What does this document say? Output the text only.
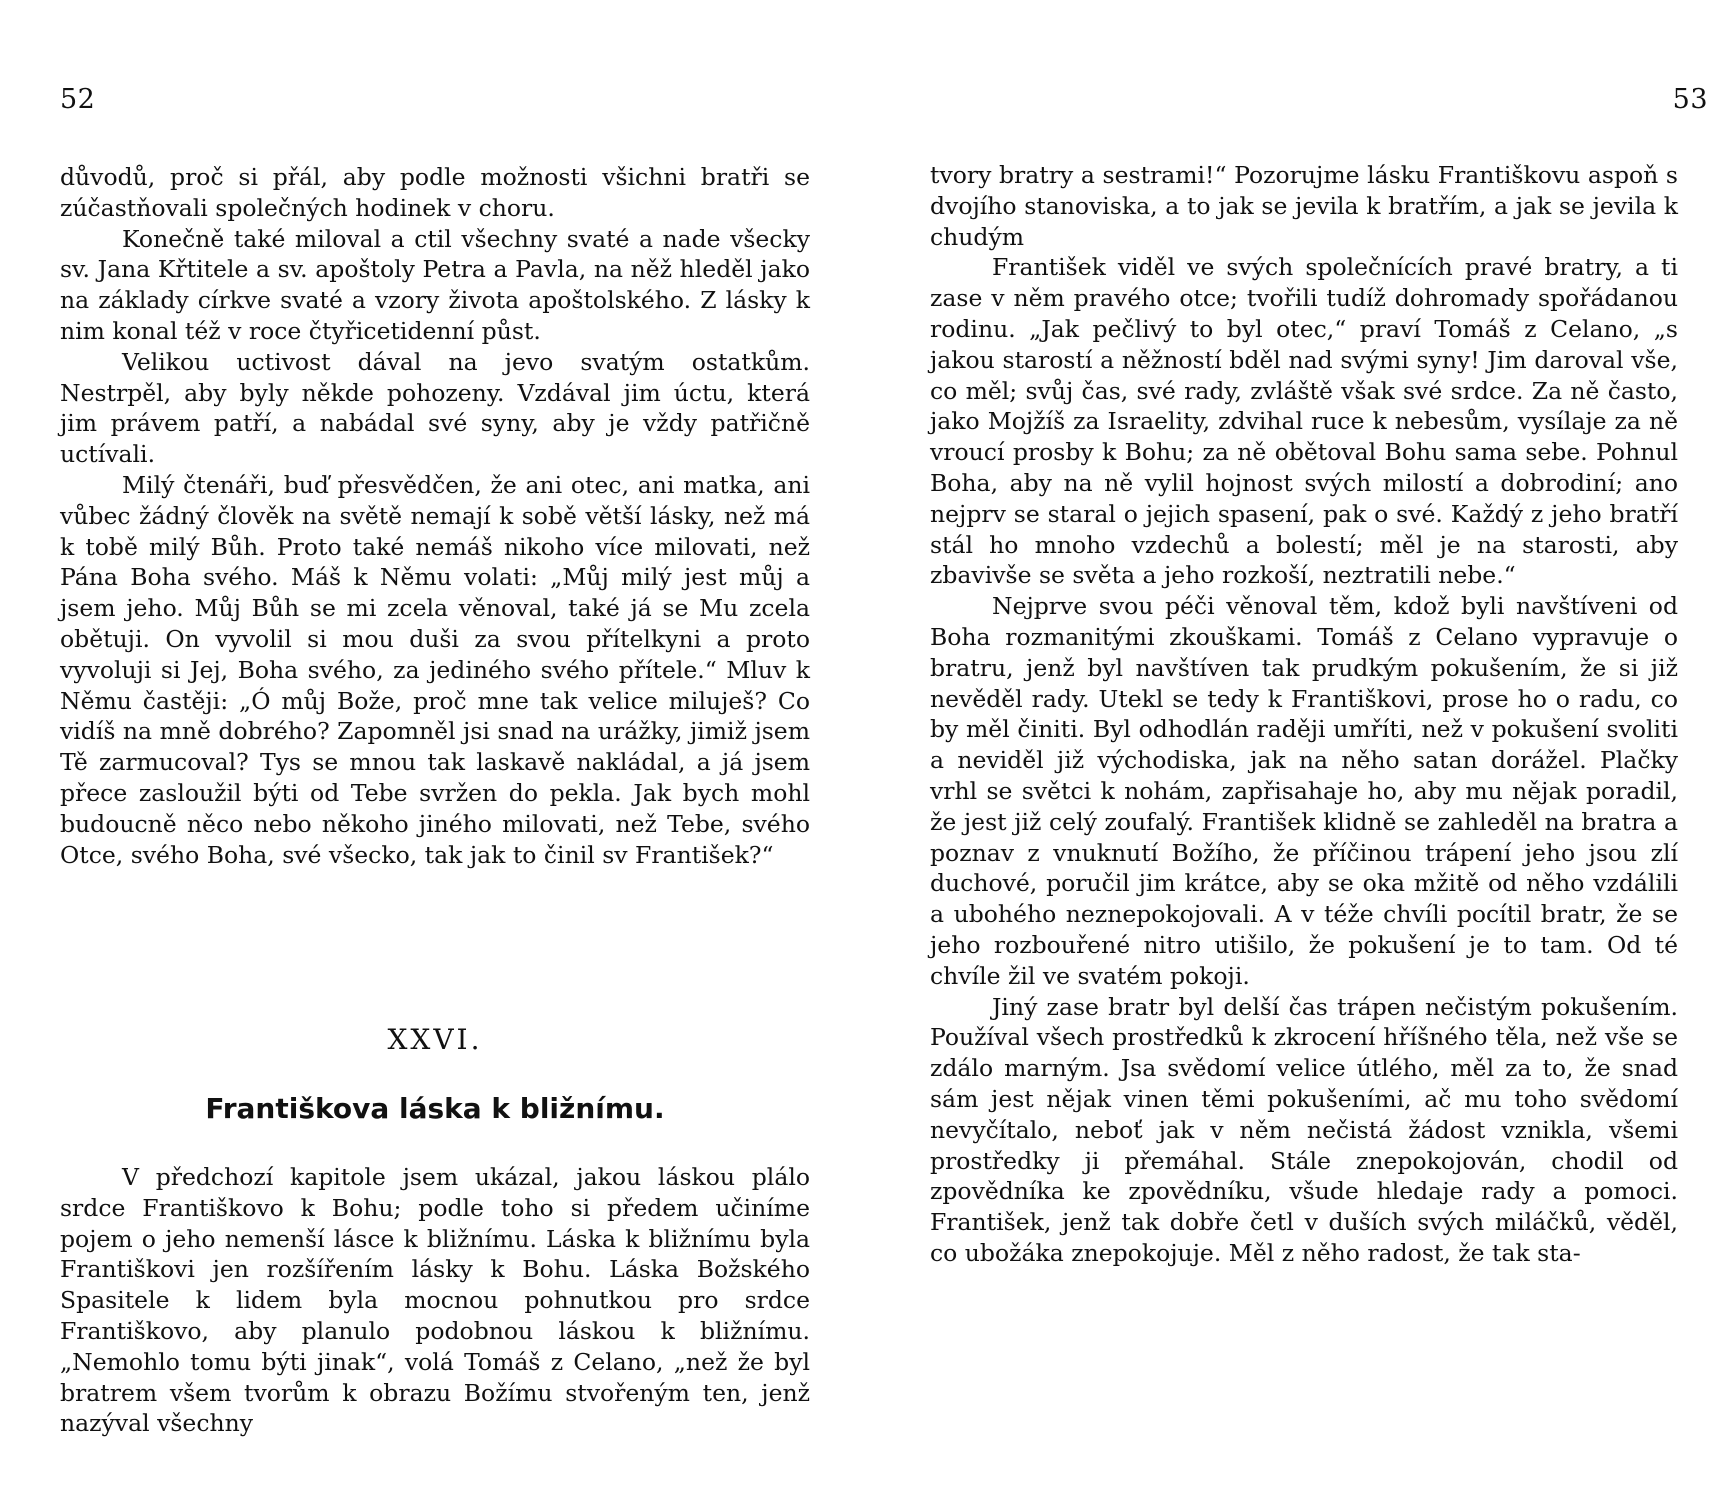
52

důvodů, proč si přál, aby podle možnosti všichni bratři se zúčastňovali společných hodinek v choru.

Konečně také miloval a ctil všechny svaté a nade všecky sv. Jana Křtitele a sv. apoštoly Petra a Pavla, na něž hleděl jako na základy církve svaté a vzory života apoštolského. Z lásky k nim konal též v roce čtyřicetidenní půst.

Velikou uctivost dával na jevo svatým ostatkům. Nestrpěl, aby byly někde pohozeny. Vzdával jim úctu, která jim právem patří, a nabádal své syny, aby je vždy patřičně uctívali.

Milý čtenáři, buď přesvědčen, že ani otec, ani matka, ani vůbec žádný člověk na světě nemají k sobě větší lásky, než má k tobě milý Bůh. Proto také nemáš nikoho více milovati, než Pána Boha svého. Máš k Němu volati: „Můj milý jest můj a jsem jeho. Můj Bůh se mi zcela věnoval, také já se Mu zcela obětuji. On vyvolil si mou duši za svou přítelkyni a proto vyvoluji si Jej, Boha svého, za jediného svého přítele.“ Mluv k Němu častěji: „Ó můj Bože, proč mne tak velice miluješ? Co vidíš na mně dobrého? Zapomněl jsi snad na urážky, jimiž jsem Tě zarmucoval? Tys se mnou tak laskavě nakládal, a já jsem přece zasloužil býti od Tebe svržen do pekla. Jak bych mohl budoucně něco nebo někoho jiného milovati, než Tebe, svého Otce, svého Boha, své všecko, tak jak to činil sv František?“

XXVI.
Františkova láska k bližnímu.

V předchozí kapitole jsem ukázal, jakou láskou plálo srdce Františkovo k Bohu; podle toho si předem učiníme pojem o jeho nemenší lásce k bližnímu. Láska k bližnímu byla Františkovi jen rozšířením lásky k Bohu. Láska Božského Spasitele k lidem byla mocnou pohnutkou pro srdce Františkovo, aby planulo podobnou láskou k bližnímu. „Nemohlo tomu býti jinak“, volá Tomáš z Celano, „než že byl bratrem všem tvorům k obrazu Božímu stvořeným ten, jenž nazýval všechny

53

tvory bratry a sestrami!“ Pozorujme lásku Františkovu aspoň s dvojího stanoviska, a to jak se jevila k bratřím, a jak se jevila k chudým

František viděl ve svých společnících pravé bratry, a ti zase v něm pravého otce; tvořili tudíž dohromady spořádanou rodinu. „Jak pečlivý to byl otec,“ praví Tomáš z Celano, „s jakou starostí a něžností bděl nad svými syny! Jim daroval vše, co měl; svůj čas, své rady, zvláště však své srdce. Za ně často, jako Mojžíš za Israelity, zdvihal ruce k nebesům, vysílaje za ně vroucí prosby k Bohu; za ně obětoval Bohu sama sebe. Pohnul Boha, aby na ně vylil hojnost svých milostí a dobrodiní; ano nejprv se staral o jejich spasení, pak o své. Každý z jeho bratří stál ho mnoho vzdechů a bolestí; měl je na starosti, aby zbavivše se světa a jeho rozkoší, neztratili nebe.“

Nejprve svou péči věnoval těm, kdož byli navštíveni od Boha rozmanitými zkouškami. Tomáš z Celano vypravuje o bratru, jenž byl navštíven tak prudkým pokušením, že si již nevěděl rady. Utekl se tedy k Františkovi, prose ho o radu, co by měl činiti. Byl odhodlán raději umříti, než v pokušení svoliti a neviděl již východiska, jak na něho satan dorážel. Plačky vrhl se světci k nohám, zapřisahaje ho, aby mu nějak poradil, že jest již celý zoufalý. František klidně se zahleděl na bratra a poznav z vnuknutí Božího, že příčinou trápení jeho jsou zlí duchové, poručil jim krátce, aby se oka mžitě od něho vzdálili a ubohého neznepokojovali. A v téže chvíli pocítil bratr, že se jeho rozbouřené nitro utišilo, že pokušení je to tam. Od té chvíle žil ve svatém pokoji.

Jiný zase bratr byl delší čas trápen nečistým pokušením. Používal všech prostředků k zkrocení hříšného těla, než vše se zdálo marným. Jsa svědomí velice útlého, měl za to, že snad sám jest nějak vinen těmi pokušeními, ač mu toho svědomí nevyčítalo, neboť jak v něm nečistá žádost vznikla, všemi prostředky ji přemáhal. Stále znepokojován, chodil od zpovědníka ke zpovědníku, všude hledaje rady a pomoci. František, jenž tak dobře četl v duších svých miláčků, věděl, co ubožáka znepokojuje. Měl z něho radost, že tak sta-
